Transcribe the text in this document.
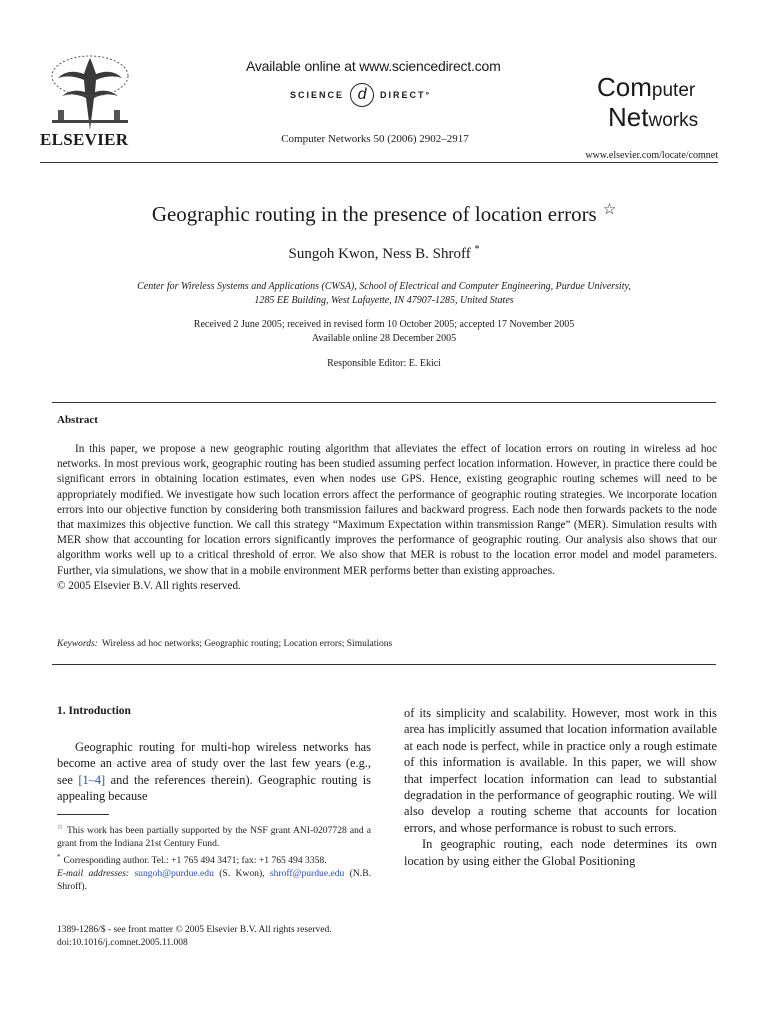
ELSEVIER
Available online at www.sciencedirect.com
SCIENCE d DIRECT°
Computer Networks 50 (2006) 2902–2917
Computer
Networks
www.elsevier.com/locate/comnet
Geographic routing in the presence of location errors ☆
Sungoh Kwon, Ness B. Shroff *
Center for Wireless Systems and Applications (CWSA), School of Electrical and Computer Engineering, Purdue University,
1285 EE Building, West Lafayette, IN 47907-1285, United States
Received 2 June 2005; received in revised form 10 October 2005; accepted 17 November 2005
Available online 28 December 2005
Responsible Editor: E. Ekici
Abstract

In this paper, we propose a new geographic routing algorithm that alleviates the effect of location errors on routing in wireless ad hoc networks. In most previous work, geographic routing has been studied assuming perfect location information. However, in practice there could be significant errors in obtaining location estimates, even when nodes use GPS. Hence, existing geographic routing schemes will need to be appropriately modified. We investigate how such location errors affect the performance of geographic routing strategies. We incorporate location errors into our objective function by considering both transmission failures and backward progress. Each node then forwards packets to the node that maximizes this objective function. We call this strategy “Maximum Expectation within transmission Range” (MER). Simulation results with MER show that accounting for location errors significantly improves the performance of geographic routing. Our analysis also shows that our algorithm works well up to a critical threshold of error. We also show that MER is robust to the location error model and model parameters. Further, via simulations, we show that in a mobile environment MER performs better than existing approaches.

© 2005 Elsevier B.V. All rights reserved.

Keywords: Wireless ad hoc networks; Geographic routing; Location errors; Simulations
1. Introduction

Geographic routing for multi-hop wireless networks has become an active area of study over the last few years (e.g., see [1–4] and the references therein). Geographic routing is appealing because

☆ This work has been partially supported by the NSF grant ANI-0207728 and a grant from the Indiana 21st Century Fund.

* Corresponding author. Tel.: +1 765 494 3471; fax: +1 765 494 3358.

E-mail addresses: sungoh@purdue.edu (S. Kwon), shroff@purdue.edu (N.B. Shroff).

of its simplicity and scalability. However, most work in this area has implicitly assumed that location information available at each node is perfect, while in practice only a rough estimate of this information is available. In this paper, we will show that imperfect location information can lead to substantial degradation in the performance of geographic routing. We will also develop a routing scheme that accounts for location errors, and whose performance is robust to such errors.

In geographic routing, each node determines its own location by using either the Global Positioning

1389-1286/$ - see front matter © 2005 Elsevier B.V. All rights reserved.
doi:10.1016/j.comnet.2005.11.008
